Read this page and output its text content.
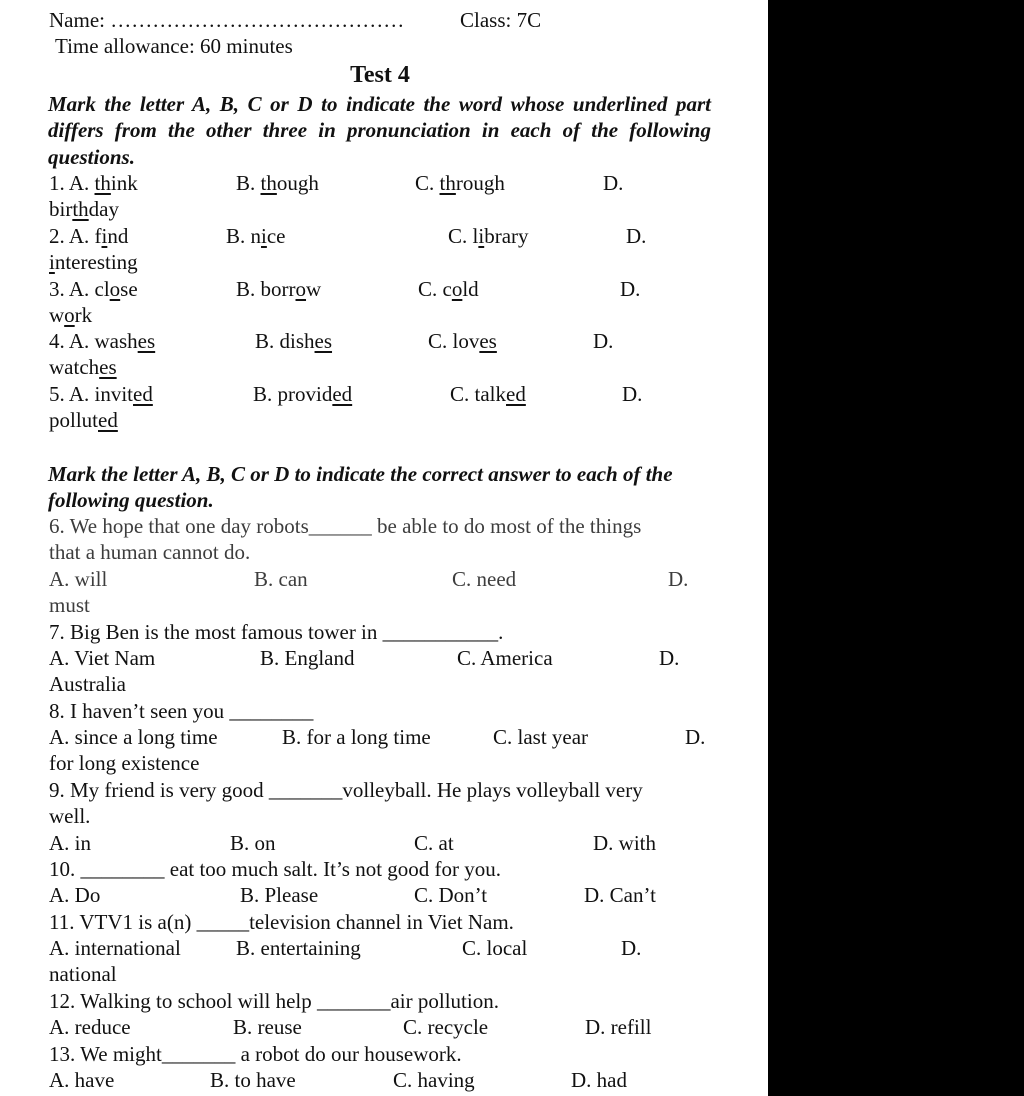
Name: ……………………………………	Class: 7C
Time allowance: 60 minutes
Test 4
Mark the letter A, B, C or D to indicate the word whose underlined part differs from the other three in pronunciation in each of the following questions.
1. A. think	B. though	C. through	D.
birthday
2. A. find	B. nice	C. library	D.
interesting
3. A. close	B. borrow	C. cold	D.
work
4. A. washes	B. dishes	C. loves	D.
watches
5. A. invited	B. provided	C. talked	D.
polluted
Mark the letter A, B, C or D to indicate the correct answer to each of the following question.
6. We hope that one day robots______ be able to do most of the things
that a human cannot do.
A. will	B. can	C. need	D.
must
7. Big Ben is the most famous tower in ___________.
A. Viet Nam	B. England	C. America	D.
Australia
8. I haven’t seen you ________
A. since a long time	B. for a long time	C. last year	D.
for long existence
9. My friend is very good _______volleyball. He plays volleyball very
well.
A. in	B. on	C. at	D. with
10. ________ eat too much salt. It’s not good for you.
A. Do	B. Please	C. Don’t	D. Can’t
11. VTV1 is a(n) _____television channel in Viet Nam.
A. international	B. entertaining	C. local	D.
national
12. Walking to school will help _______air pollution.
A. reduce	B. reuse	C. recycle	D. refill
13. We might_______ a robot do our housework.
A. have	B. to have	C. having	D. had
